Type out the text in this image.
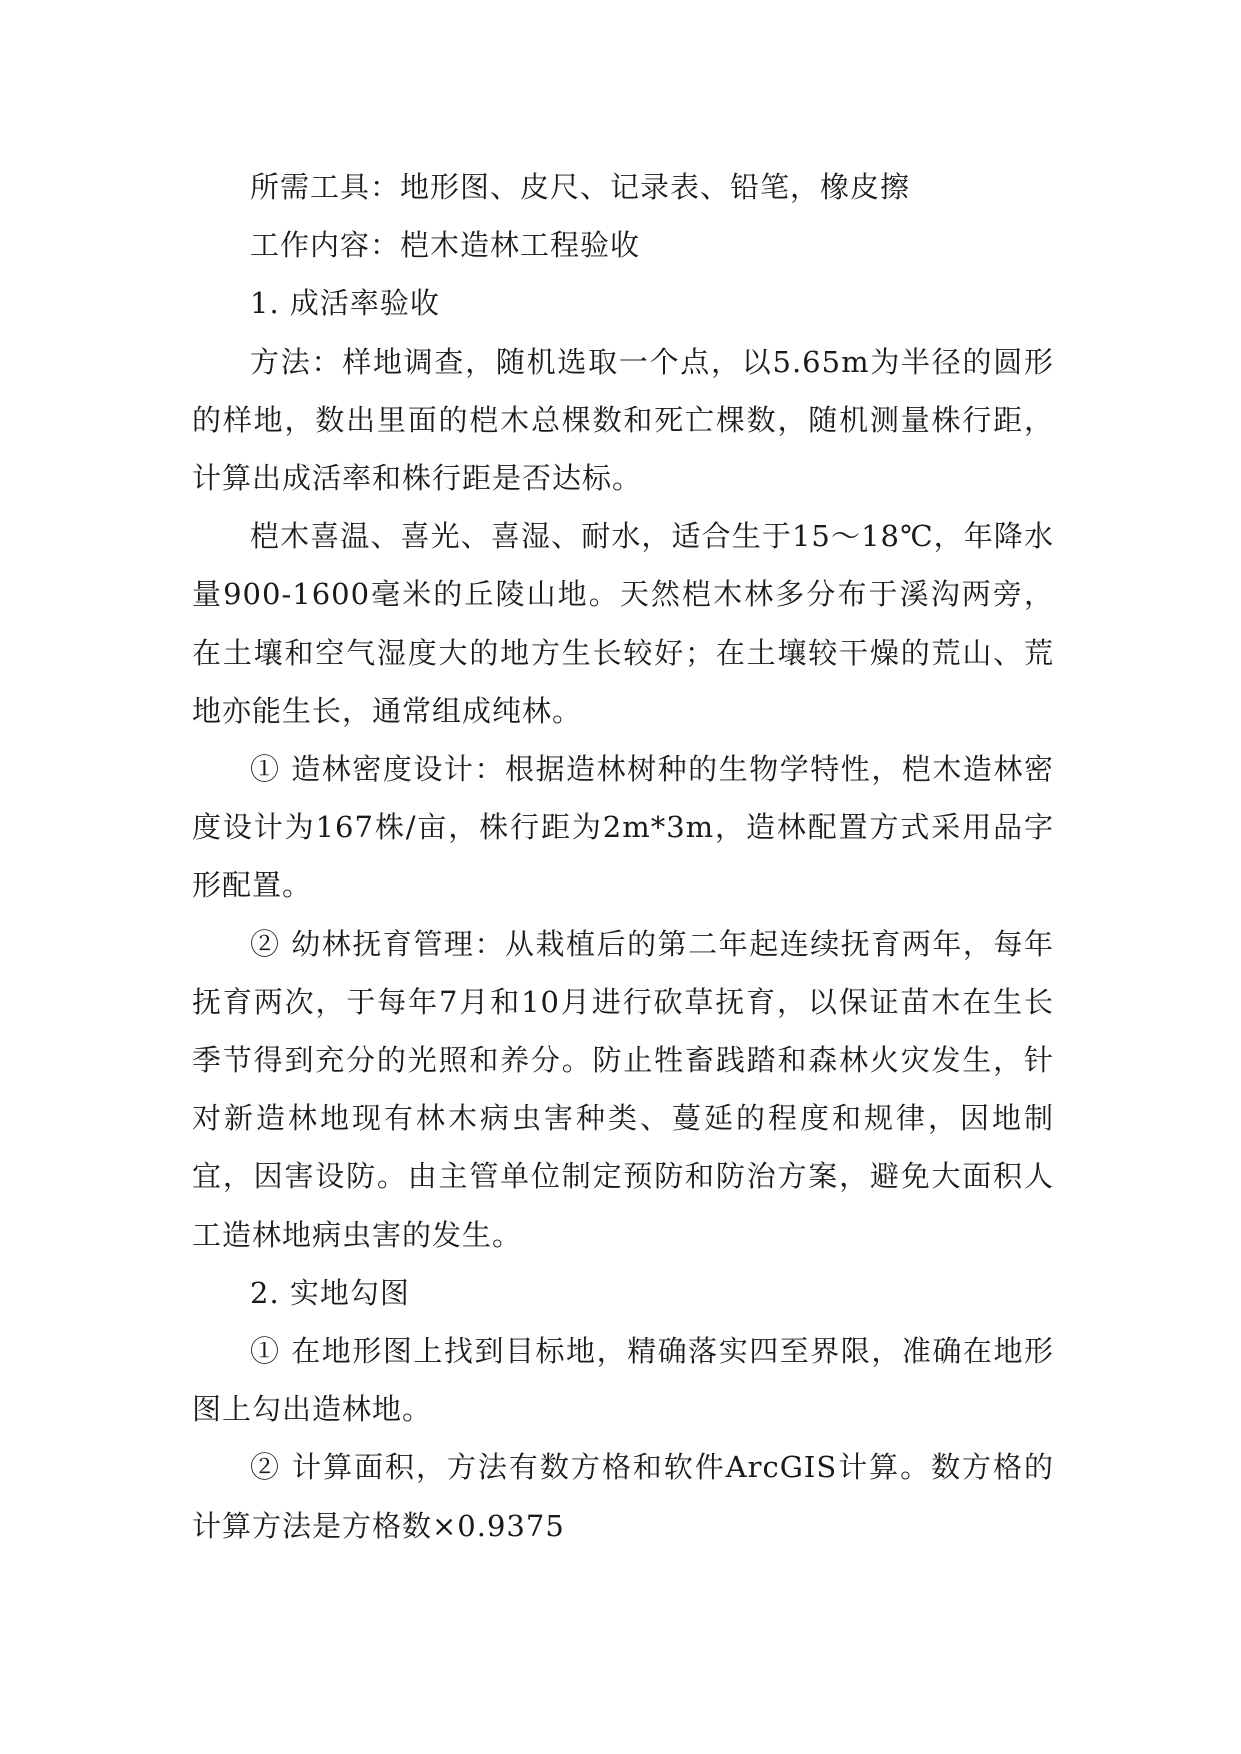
所需工具：地形图、皮尺、记录表、铅笔，橡皮擦

工作内容：桤木造林工程验收

1. 成活率验收

方法：样地调查，随机选取一个点，以5.65m为半径的圆形的样地，数出里面的桤木总棵数和死亡棵数，随机测量株行距，计算出成活率和株行距是否达标。

桤木喜温、喜光、喜湿、耐水，适合生于15～18℃，年降水量900-1600毫米的丘陵山地。天然桤木林多分布于溪沟两旁，在土壤和空气湿度大的地方生长较好；在土壤较干燥的荒山、荒地亦能生长，通常组成纯林。

① 造林密度设计：根据造林树种的生物学特性，桤木造林密度设计为167株/亩，株行距为2m*3m，造林配置方式采用品字形配置。

② 幼林抚育管理：从栽植后的第二年起连续抚育两年，每年抚育两次，于每年7月和10月进行砍草抚育，以保证苗木在生长季节得到充分的光照和养分。防止牲畜践踏和森林火灾发生，针对新造林地现有林木病虫害种类、蔓延的程度和规律，因地制宜，因害设防。由主管单位制定预防和防治方案，避免大面积人工造林地病虫害的发生。

2. 实地勾图

① 在地形图上找到目标地，精确落实四至界限，准确在地形图上勾出造林地。

② 计算面积，方法有数方格和软件ArcGIS计算。数方格的计算方法是方格数×0.9375
